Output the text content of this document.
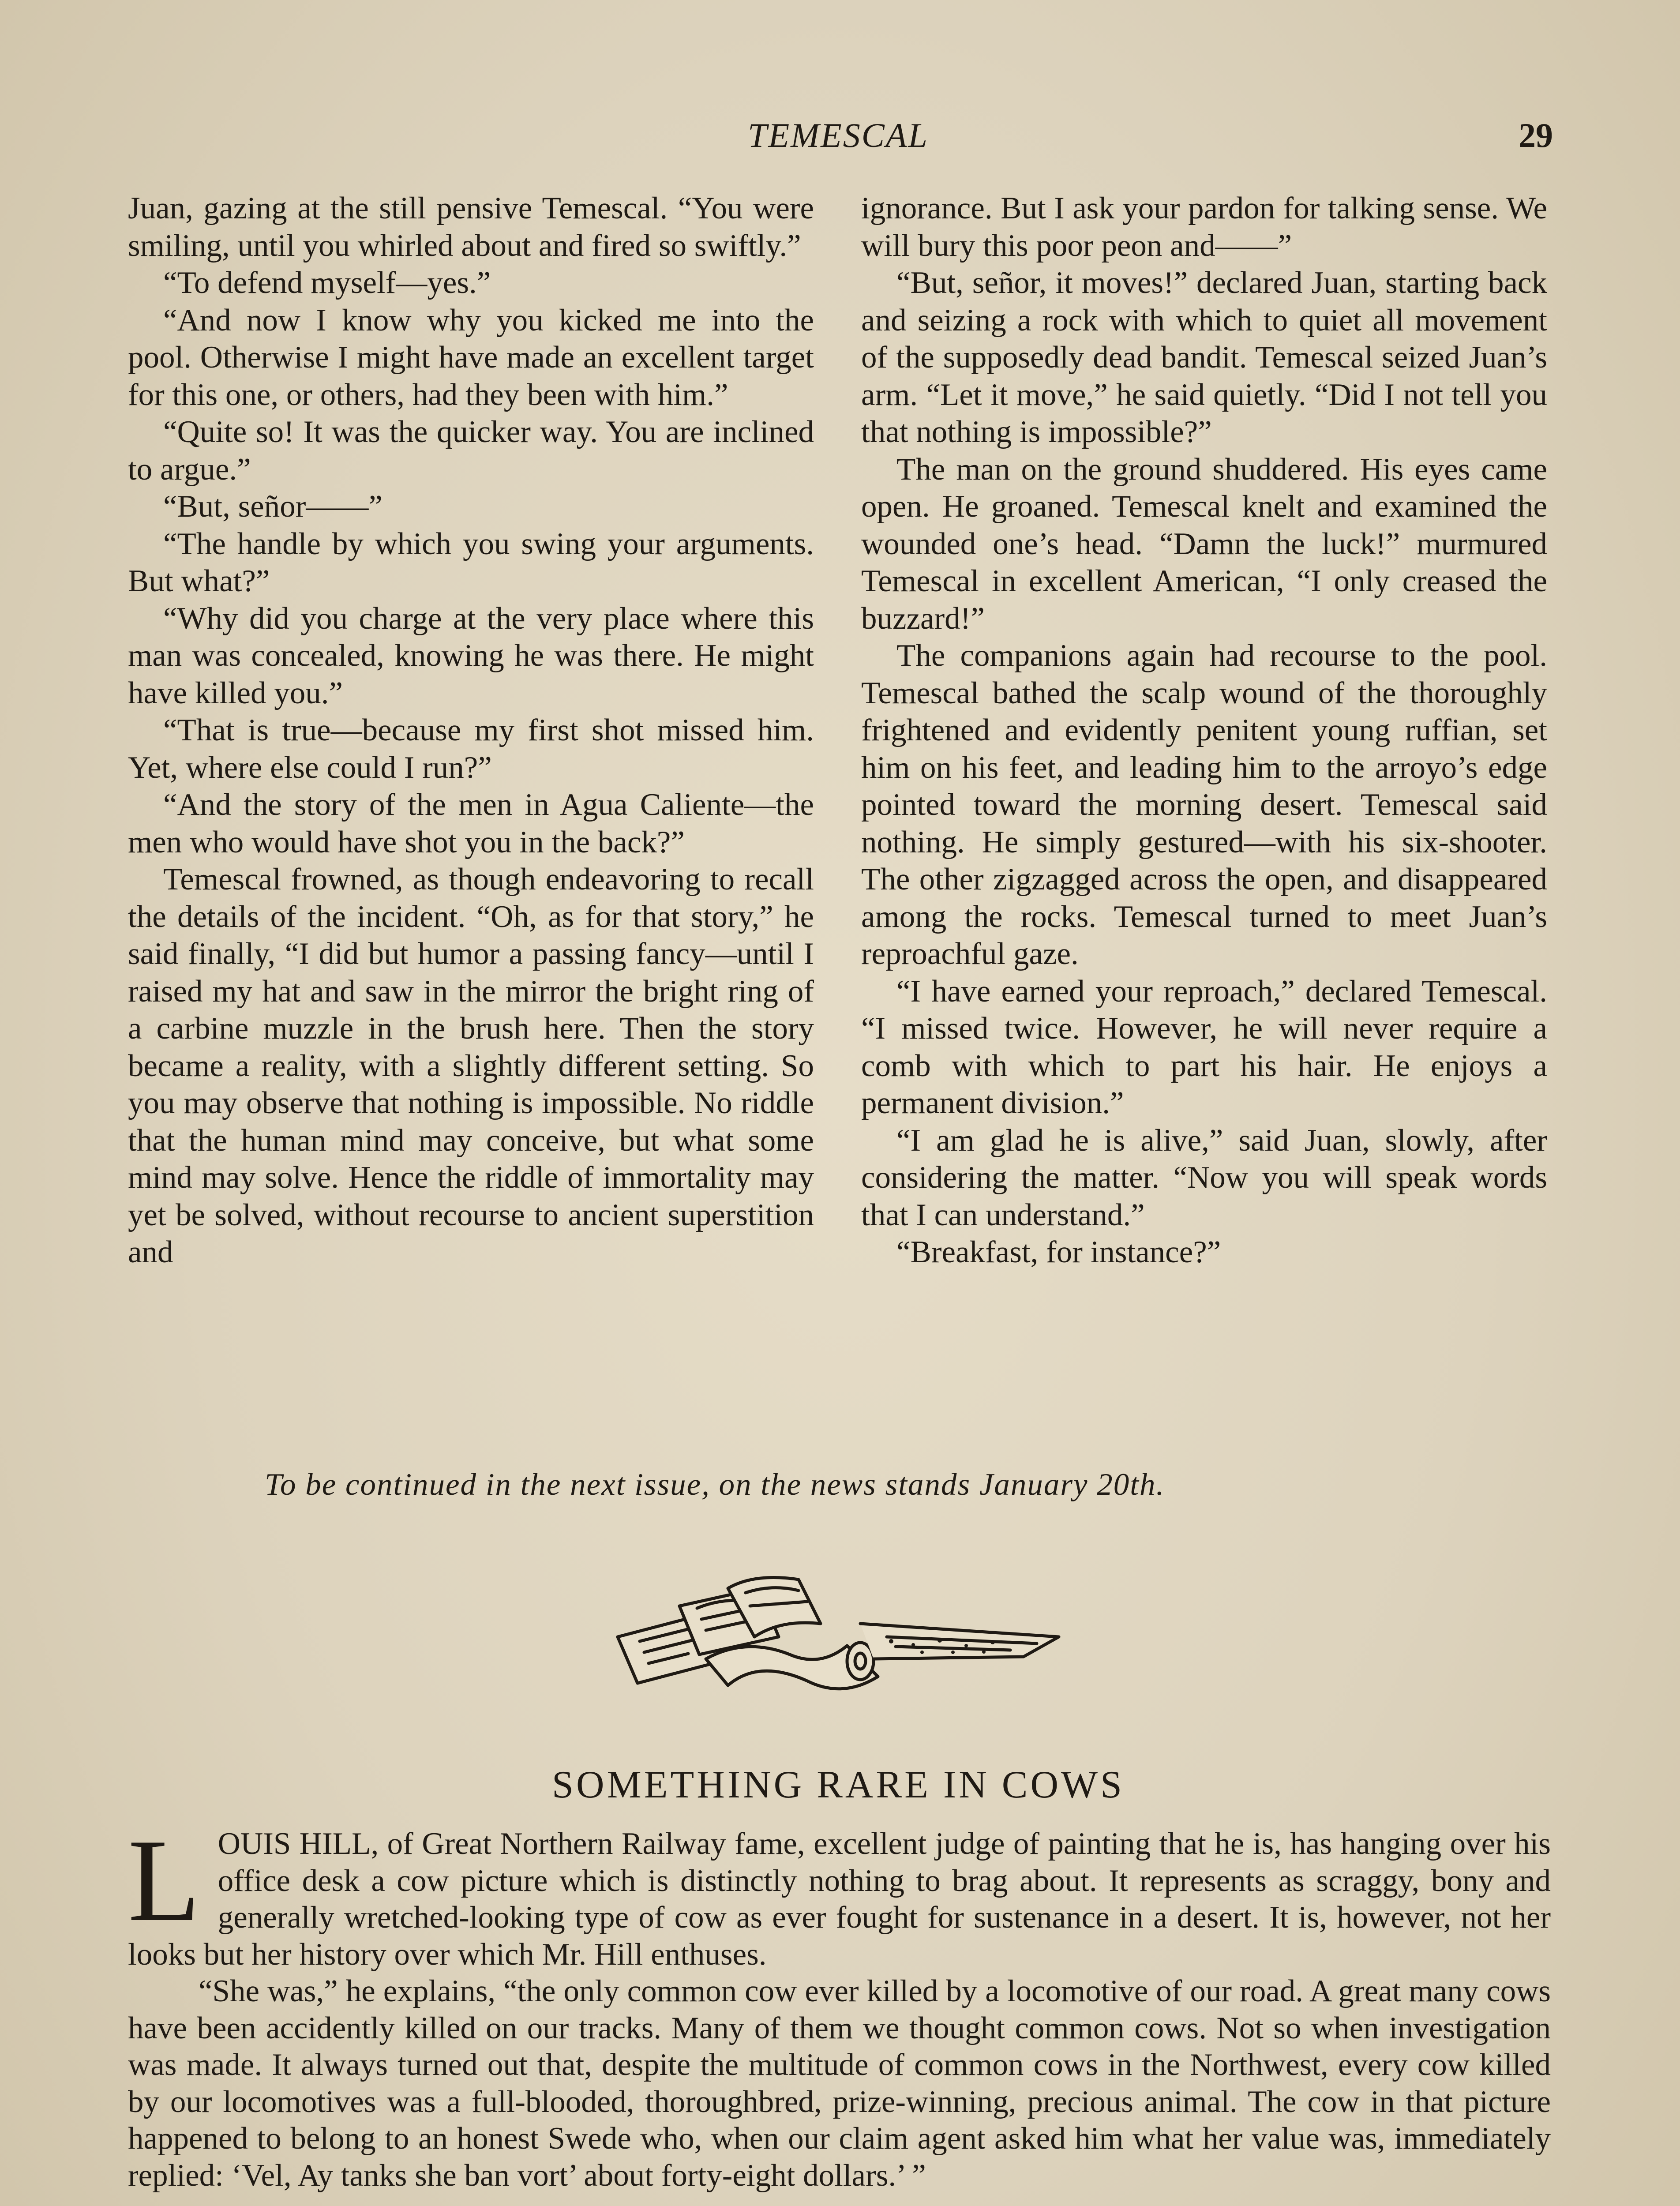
TEMESCAL	29

Juan, gazing at the still pensive Temescal. “You were smiling, until you whirled about and fired so swiftly.”

“To defend myself—yes.”

“And now I know why you kicked me into the pool. Otherwise I might have made an excellent target for this one, or others, had they been with him.”

“Quite so! It was the quicker way. You are inclined to argue.”

“But, señor——”

“The handle by which you swing your arguments. But what?”

“Why did you charge at the very place where this man was concealed, knowing he was there. He might have killed you.”

“That is true—because my first shot missed him. Yet, where else could I run?”

“And the story of the men in Agua Caliente—the men who would have shot you in the back?”

Temescal frowned, as though endeavoring to recall the details of the incident. “Oh, as for that story,” he said finally, “I did but humor a passing fancy—until I raised my hat and saw in the mirror the bright ring of a carbine muzzle in the brush here. Then the story became a reality, with a slightly different setting. So you may observe that nothing is impossible. No riddle that the human mind may conceive, but what some mind may solve. Hence the riddle of immortality may yet be solved, without recourse to ancient superstition and

ignorance. But I ask your pardon for talking sense. We will bury this poor peon and——”

“But, señor, it moves!” declared Juan, starting back and seizing a rock with which to quiet all movement of the supposedly dead bandit. Temescal seized Juan’s arm. “Let it move,” he said quietly. “Did I not tell you that nothing is impossible?”

The man on the ground shuddered. His eyes came open. He groaned. Temescal knelt and examined the wounded one’s head. “Damn the luck!” murmured Temescal in excellent American, “I only creased the buzzard!”

The companions again had recourse to the pool. Temescal bathed the scalp wound of the thoroughly frightened and evidently penitent young ruffian, set him on his feet, and leading him to the arroyo’s edge pointed toward the morning desert. Temescal said nothing. He simply gestured—with his six-shooter. The other zigzagged across the open, and disappeared among the rocks. Temescal turned to meet Juan’s reproachful gaze.

“I have earned your reproach,” declared Temescal. “I missed twice. However, he will never require a comb with which to part his hair. He enjoys a permanent division.”

“I am glad he is alive,” said Juan, slowly, after considering the matter. “Now you will speak words that I can understand.”

“Breakfast, for instance?”

To be continued in the next issue, on the news stands January 20th.
SOMETHING RARE IN COWS

LOUIS HILL, of Great Northern Railway fame, excellent judge of painting that he is, has hanging over his office desk a cow picture which is distinctly nothing to brag about. It represents as scraggy, bony and generally wretched-looking type of cow as ever fought for sustenance in a desert. It is, however, not her looks but her history over which Mr. Hill enthuses.

“She was,” he explains, “the only common cow ever killed by a locomotive of our road. A great many cows have been accidently killed on our tracks. Many of them we thought common cows. Not so when investigation was made. It always turned out that, despite the multitude of common cows in the Northwest, every cow killed by our locomotives was a full-blooded, thoroughbred, prize-winning, precious animal. The cow in that picture happened to belong to an honest Swede who, when our claim agent asked him what her value was, immediately replied: ‘Vel, Ay tanks she ban vort’ about forty-eight dollars.’ ”
